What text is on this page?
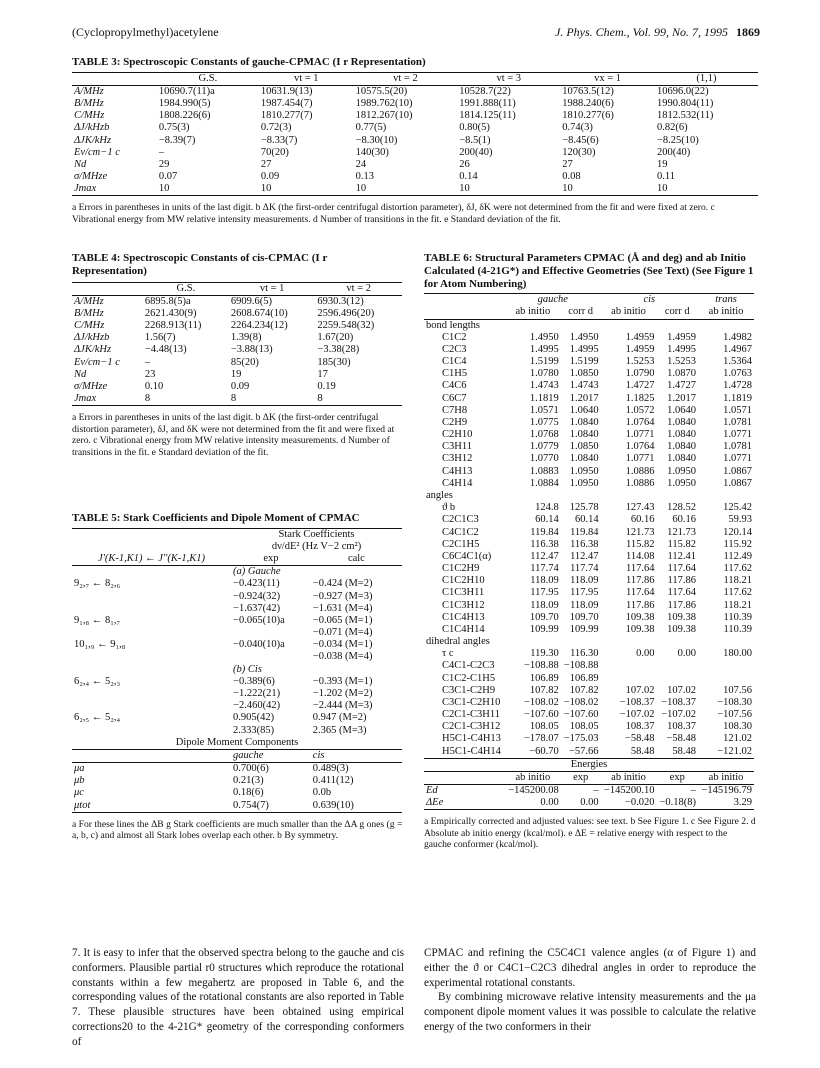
(Cyclopropylmethyl)acetylene	J. Phys. Chem., Vol. 99, No. 7, 1995 1869
TABLE 3: Spectroscopic Constants of gauche-CPMAC (I r Representation)
	G.S.	vt = 1	vt = 2	vt = 3	vx = 1	(1,1)
A/MHz	10690.7(11)a	10631.9(13)	10575.5(20)	10528.7(22)	10763.5(12)	10696.0(22)
B/MHz	1984.990(5)	1987.454(7)	1989.762(10)	1991.888(11)	1988.240(6)	1990.804(11)
C/MHz	1808.226(6)	1810.277(7)	1812.267(10)	1814.125(11)	1810.277(6)	1812.532(11)
ΔJ/kHzb	0.75(3)	0.72(3)	0.77(5)	0.80(5)	0.74(3)	0.82(6)
ΔJK/kHz	−8.39(7)	−8.33(7)	−8.30(10)	−8.5(1)	−8.45(6)	−8.25(10)
Ev/cm−1 c	–	70(20)	140(30)	200(40)	120(30)	200(40)
Nd	29	27	24	26	27	19
σ/MHze	0.07	0.09	0.13	0.14	0.08	0.11
Jmax	10	10	10	10	10	10
a Errors in parentheses in units of the last digit. b ΔK (the first-order centrifugal distortion parameter), δJ, δK were not determined from the fit and were fixed at zero. c Vibrational energy from MW relative intensity measurements. d Number of transitions in the fit. e Standard deviation of the fit.
TABLE 4: Spectroscopic Constants of cis-CPMAC (I r Representation)
	G.S.	vt = 1	vt = 2
A/MHz	6895.8(5)a	6909.6(5)	6930.3(12)
B/MHz	2621.430(9)	2608.674(10)	2596.496(20)
C/MHz	2268.913(11)	2264.234(12)	2259.548(32)
ΔJ/kHzb	1.56(7)	1.39(8)	1.67(20)
ΔJK/kHz	−4.48(13)	−3.88(13)	−3.38(28)
Ev/cm−1 c	–	85(20)	185(30)
Nd	23	19	17
σ/MHze	0.10	0.09	0.19
Jmax	8	8	8
a Errors in parentheses in units of the last digit. b ΔK (the first-order centrifugal distortion parameter), δJ, and δK were not determined from the fit and were fixed at zero. c Vibrational energy from MW relative intensity measurements. d Number of transitions in the fit. e Standard deviation of the fit.
TABLE 5: Stark Coefficients and Dipole Moment of CPMAC
	Stark Coefficients	
	dν/dE² (Hz V−2 cm²)	
J'(K-1,K1) ← J''(K-1,K1)	exp	calc
	(a) Gauche	
9₂,₇ ← 8₂,₆	−0.423(11)	−0.424 (M=2)
	−0.924(32)	−0.927 (M=3)
	−1.637(42)	−1.631 (M=4)
9₁,₈ ← 8₁,₇	−0.065(10)a	−0.065 (M=1)
		−0.071 (M=4)
10₁,₉ ← 9₁,₈	−0.040(10)a	−0.034 (M=1)
		−0.038 (M=4)
	(b) Cis	
6₂,₄ ← 5₂,₃	−0.389(6)	−0.393 (M=1)
	−1.222(21)	−1.202 (M=2)
	−2.460(42)	−2.444 (M=3)
6₂,₅ ← 5₂,₄	0.905(42)	0.947 (M=2)
	2.333(85)	2.365 (M=3)
Dipole Moment Components		
	gauche	cis
μa	0.700(6)	0.489(3)
μb	0.21(3)	0.411(12)
μc	0.18(6)	0.0b
μtot	0.754(7)	0.639(10)
a For these lines the ΔB g Stark coefficients are much smaller than the ΔA g ones (g = a, b, c) and almost all Stark lobes overlap each other. b By symmetry.
7. It is easy to infer that the observed spectra belong to the gauche and cis conformers. Plausible partial r0 structures which reproduce the rotational constants within a few megahertz are proposed in Table 6, and the corresponding values of the rotational constants are also reported in Table 7. These plausible structures have been obtained using empirical corrections20 to the 4-21G* geometry of the corresponding conformers of
TABLE 6: Structural Parameters CPMAC (Å and deg) and ab Initio Calculated (4-21G*) and Effective Geometries (See Text) (See Figure 1 for Atom Numbering)
	gauche		cis		trans
	ab initio	corr d	ab initio	corr d	ab initio
bond lengths					
C1C2	1.4950	1.4950	1.4959	1.4959	1.4982
C2C3	1.4995	1.4995	1.4959	1.4995	1.4967
C1C4	1.5199	1.5199	1.5253	1.5253	1.5364
C1H5	1.0780	1.0850	1.0790	1.0870	1.0763
C4C6	1.4743	1.4743	1.4727	1.4727	1.4728
C6C7	1.1819	1.2017	1.1825	1.2017	1.1819
C7H8	1.0571	1.0640	1.0572	1.0640	1.0571
C2H9	1.0775	1.0840	1.0764	1.0840	1.0781
C2H10	1.0768	1.0840	1.0771	1.0840	1.0771
C3H11	1.0779	1.0850	1.0764	1.0840	1.0781
C3H12	1.0770	1.0840	1.0771	1.0840	1.0771
C4H13	1.0883	1.0950	1.0886	1.0950	1.0867
C4H14	1.0884	1.0950	1.0886	1.0950	1.0867
angles					
ϑ b	124.8	125.78	127.43	128.52	125.42
C2C1C3	60.14	60.14	60.16	60.16	59.93
C4C1C2	119.84	119.84	121.73	121.73	120.14
C2C1H5	116.38	116.38	115.82	115.82	115.92
C6C4C1(α)	112.47	112.47	114.08	112.41	112.49
C1C2H9	117.74	117.74	117.64	117.64	117.62
C1C2H10	118.09	118.09	117.86	117.86	118.21
C1C3H11	117.95	117.95	117.64	117.64	117.62
C1C3H12	118.09	118.09	117.86	117.86	118.21
C1C4H13	109.70	109.70	109.38	109.38	110.39
C1C4H14	109.99	109.99	109.38	109.38	110.39
dihedral angles					
τ c	119.30	116.30	0.00	0.00	180.00
C4C1-C2C3	−108.88	−108.88			
C1C2-C1H5	106.89	106.89			
C3C1-C2H9	107.82	107.82	107.02	107.02	107.56
C3C1-C2H10	−108.02	−108.02	−108.37	−108.37	−108.30
C2C1-C3H11	−107.60	−107.60	−107.02	−107.02	−107.56
C2C1-C3H12	108.05	108.05	108.37	108.37	108.30
H5C1-C4H13	−178.07	−175.03	−58.48	−58.48	121.02
H5C1-C4H14	−60.70	−57.66	58.48	58.48	−121.02
Energies					
	ab initio	exp	ab initio	exp	ab initio
Ed	−145200.08	–	−145200.10	–	−145196.79
ΔEe	0.00	0.00	−0.020	−0.18(8)	3.29
a Empirically corrected and adjusted values: see text. b See Figure 1. c See Figure 2. d Absolute ab initio energy (kcal/mol). e ΔE = relative energy with respect to the gauche conformer (kcal/mol).
CPMAC and refining the C5C4C1 valence angles (α of Figure 1) and either the ϑ or C4C1−C2C3 dihedral angles in order to reproduce the experimental rotational constants.
By combining microwave relative intensity measurements and the μa component dipole moment values it was possible to calculate the relative energy of the two conformers in their
